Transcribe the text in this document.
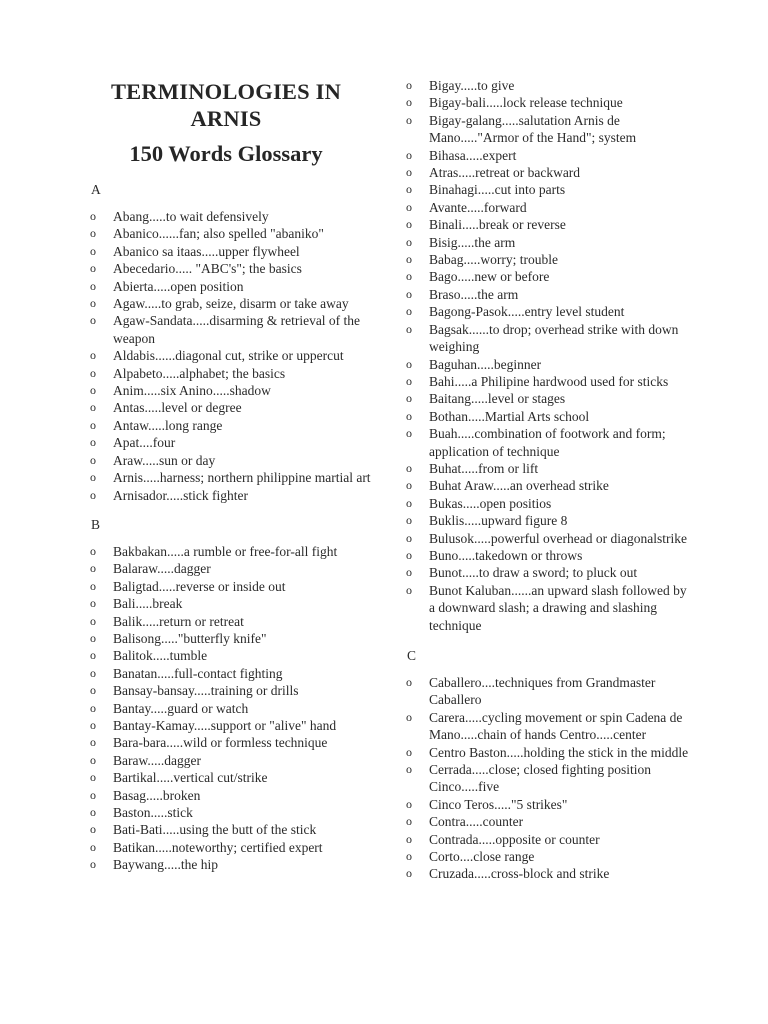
TERMINOLOGIES IN ARNIS
150 Words Glossary
A
o Abang.....to wait defensively
o Abanico......fan; also spelled "abaniko"
o Abanico sa itaas.....upper flywheel
o Abecedario..... "ABC's"; the basics
o Abierta.....open position
o Agaw.....to grab, seize, disarm or take away
o Agaw-Sandata.....disarming & retrieval of the weapon
o Aldabis......diagonal cut, strike or uppercut
o Alpabeto.....alphabet; the basics
o Anim.....six Anino.....shadow
o Antas.....level or degree
o Antaw.....long range
o Apat....four
o Araw.....sun or day
o Arnis.....harness; northern philippine martial art
o Arnisador.....stick fighter
B
o Bakbakan.....a rumble or free-for-all fight
o Balaraw.....dagger
o Baligtad.....reverse or inside out
o Bali.....break
o Balik.....return or retreat
o Balisong....."butterfly knife"
o Balitok.....tumble
o Banatan.....full-contact fighting
o Bansay-bansay.....training or drills
o Bantay.....guard or watch
o Bantay-Kamay.....support or "alive" hand
o Bara-bara.....wild or formless technique
o Baraw.....dagger
o Bartikal.....vertical cut/strike
o Basag.....broken
o Baston.....stick
o Bati-Bati.....using the butt of the stick
o Batikan.....noteworthy; certified expert
o Baywang.....the hip
o Bigay.....to give
o Bigay-bali.....lock release technique
o Bigay-galang.....salutation Arnis de Mano....."Armor of the Hand"; system
o Bihasa.....expert
o Atras.....retreat or backward
o Binahagi.....cut into parts
o Avante.....forward
o Binali.....break or reverse
o Bisig.....the arm
o Babag.....worry; trouble
o Bago.....new or before
o Braso.....the arm
o Bagong-Pasok.....entry level student
o Bagsak......to drop; overhead strike with down weighing
o Baguhan.....beginner
o Bahi.....a Philipine hardwood used for sticks
o Baitang.....level or stages
o Bothan.....Martial Arts school
o Buah.....combination of footwork and form; application of technique
o Buhat.....from or lift
o Buhat Araw.....an overhead strike
o Bukas.....open positios
o Buklis.....upward figure 8
o Bulusok.....powerful overhead or diagonalstrike
o Buno.....takedown or throws
o Bunot.....to draw a sword; to pluck out
o Bunot Kaluban......an upward slash followed by a downward slash; a drawing and slashing technique
C
o Caballero....techniques from Grandmaster Caballero
o Carera.....cycling movement or spin Cadena de Mano.....chain of hands Centro.....center
o Centro Baston.....holding the stick in the middle
o Cerrada.....close; closed fighting position Cinco.....five
o Cinco Teros....."5 strikes"
o Contra.....counter
o Contrada.....opposite or counter
o Corto....close range
o Cruzada.....cross-block and strike
